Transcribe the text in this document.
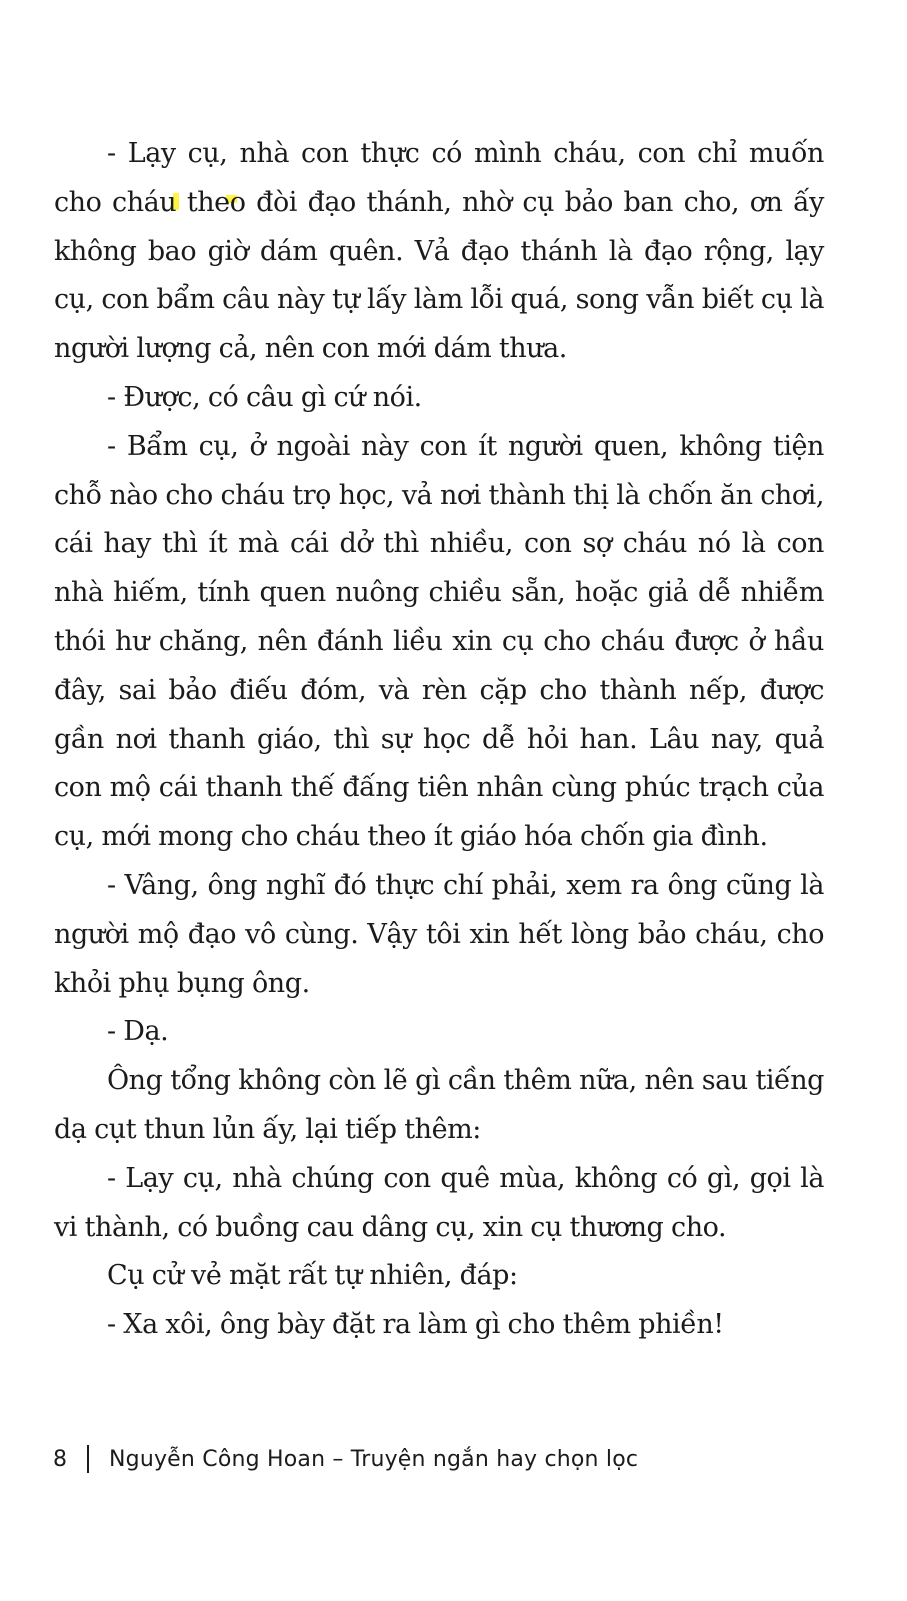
- Lạy cụ, nhà con thực có mình cháu, con chỉ muốn cho cháu theo đòi đạo thánh, nhờ cụ bảo ban cho, ơn ấy không bao giờ dám quên. Vả đạo thánh là đạo rộng, lạy cụ, con bẩm câu này tự lấy làm lỗi quá, song vẫn biết cụ là người lượng cả, nên con mới dám thưa.

- Được, có câu gì cứ nói.

- Bẩm cụ, ở ngoài này con ít người quen, không tiện chỗ nào cho cháu trọ học, vả nơi thành thị là chốn ăn chơi, cái hay thì ít mà cái dở thì nhiều, con sợ cháu nó là con nhà hiếm, tính quen nuông chiều sẵn, hoặc giả dễ nhiễm thói hư chăng, nên đánh liều xin cụ cho cháu được ở hầu đây, sai bảo điếu đóm, và rèn cặp cho thành nếp, được gần nơi thanh giáo, thì sự học dễ hỏi han. Lâu nay, quả con mộ cái thanh thế đấng tiên nhân cùng phúc trạch của cụ, mới mong cho cháu theo ít giáo hóa chốn gia đình.

- Vâng, ông nghĩ đó thực chí phải, xem ra ông cũng là người mộ đạo vô cùng. Vậy tôi xin hết lòng bảo cháu, cho khỏi phụ bụng ông.

- Dạ.

Ông tổng không còn lẽ gì cần thêm nữa, nên sau tiếng dạ cụt thun lủn ấy, lại tiếp thêm:

- Lạy cụ, nhà chúng con quê mùa, không có gì, gọi là vi thành, có buồng cau dâng cụ, xin cụ thương cho.

Cụ cử vẻ mặt rất tự nhiên, đáp:

- Xa xôi, ông bày đặt ra làm gì cho thêm phiền!

8 Nguyễn Công Hoan – Truyện ngắn hay chọn lọc
